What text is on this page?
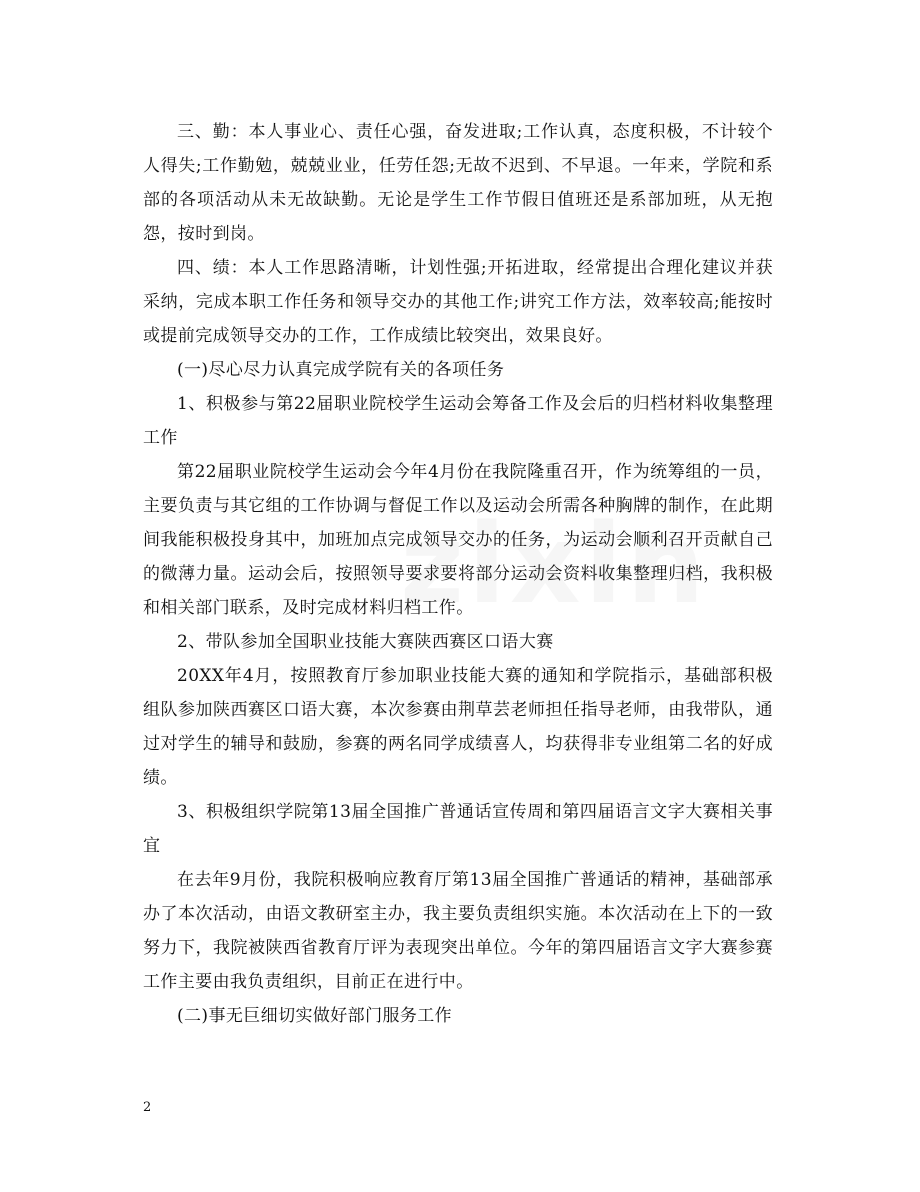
三、勤：本人事业心、责任心强，奋发进取;工作认真，态度积极，不计较个人得失;工作勤勉，兢兢业业，任劳任怨;无故不迟到、不早退。一年来，学院和系部的各项活动从未无故缺勤。无论是学生工作节假日值班还是系部加班，从无抱怨，按时到岗。

四、绩：本人工作思路清晰，计划性强;开拓进取，经常提出合理化建议并获采纳，完成本职工作任务和领导交办的其他工作;讲究工作方法，效率较高;能按时或提前完成领导交办的工作，工作成绩比较突出，效果良好。

(一)尽心尽力认真完成学院有关的各项任务

1、积极参与第22届职业院校学生运动会筹备工作及会后的归档材料收集整理工作

第22届职业院校学生运动会今年4月份在我院隆重召开，作为统筹组的一员，主要负责与其它组的工作协调与督促工作以及运动会所需各种胸牌的制作，在此期间我能积极投身其中，加班加点完成领导交办的任务，为运动会顺利召开贡献自己的微薄力量。运动会后，按照领导要求要将部分运动会资料收集整理归档，我积极和相关部门联系，及时完成材料归档工作。

2、带队参加全国职业技能大赛陕西赛区口语大赛

20XX年4月，按照教育厅参加职业技能大赛的通知和学院指示，基础部积极组队参加陕西赛区口语大赛，本次参赛由荆草芸老师担任指导老师，由我带队，通过对学生的辅导和鼓励，参赛的两名同学成绩喜人，均获得非专业组第二名的好成绩。

3、积极组织学院第13届全国推广普通话宣传周和第四届语言文字大赛相关事宜

在去年9月份，我院积极响应教育厅第13届全国推广普通话的精神，基础部承办了本次活动，由语文教研室主办，我主要负责组织实施。本次活动在上下的一致努力下，我院被陕西省教育厅评为表现突出单位。今年的第四届语言文字大赛参赛工作主要由我负责组织，目前正在进行中。

(二)事无巨细切实做好部门服务工作

2
